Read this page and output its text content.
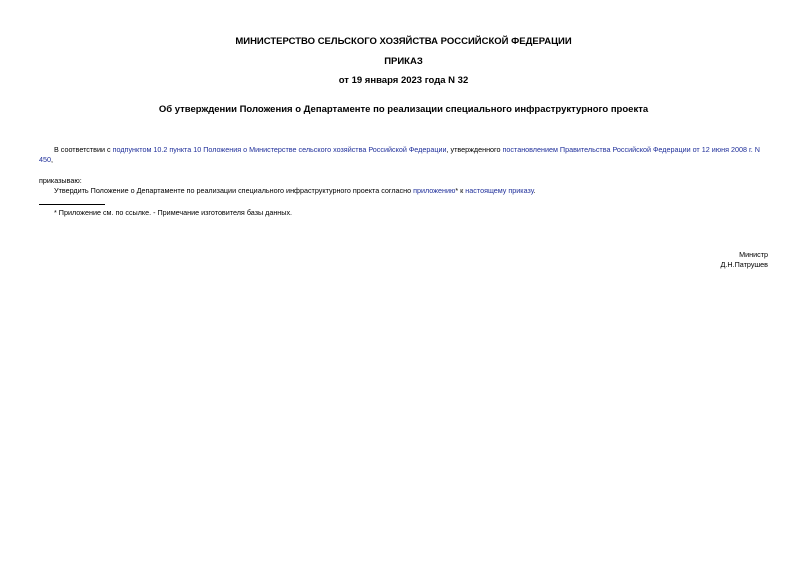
МИНИСТЕРСТВО СЕЛЬСКОГО ХОЗЯЙСТВА РОССИЙСКОЙ ФЕДЕРАЦИИ
ПРИКАЗ
от 19 января 2023 года N 32
Об утверждении Положения о Департаменте по реализации специального инфраструктурного проекта
В соответствии с подпунктом 10.2 пункта 10 Положения о Министерстве сельского хозяйства Российской Федерации, утвержденного постановлением Правительства Российской Федерации от 12 июня 2008 г. N
450,
приказываю:
Утвердить Положение о Департаменте по реализации специального инфраструктурного проекта согласно приложению* к настоящему приказу.
* Приложение см. по ссылке. - Примечание изготовителя базы данных.
Министр
Д.Н.Патрушев
